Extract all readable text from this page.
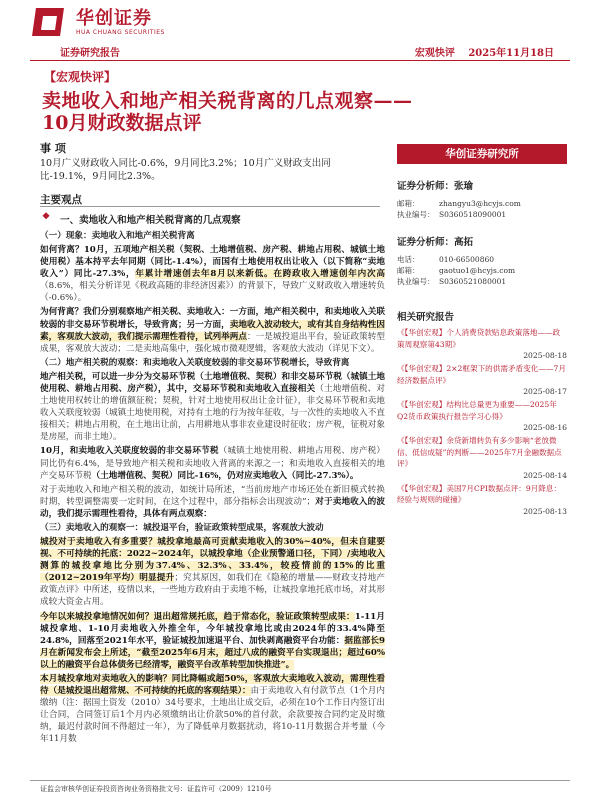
华创证券
HUA CHUANG SECURITIES
证券研究报告	宏观快评 2025年11月18日
【宏观快评】
卖地收入和地产相关税背离的几点观察——
10月财政数据点评
事 项
10月广义财政收入同比-0.6%，9月同比3.2%；10月广义财政支出同比-19.1%，9月同比2.3%。
主要观点
❖ 一、卖地收入和地产相关税背离的几点观察
（一）现象：卖地收入和地产相关税背离
如何背离？10月，五项地产相关税（契税、土地增值税、房产税、耕地占用税、城镇土地使用税）基本持平去年同期（同比-1.4%），而国有土地使用权出让收入（以下简称“卖地收入”）同比-27.3%，年累计增速创去年8月以来新低。在跨政收入增速创年内次高（8.6%，相关分析详见《税政高随的非经济因素》）的背景下，导致广义财政收入增速转负（-0.6%）。
为何背离？我们分别观察地产相关税、卖地收入：一方面，地产相关税中，和卖地收入关联较弱的非交易环节税增长，导致背离；另一方面，卖地收入波动较大，或有其自身结构性因素，客观放大波动，我们提示需理性看待，试列举两点：一是城投退出平台，验证政策转型成果，客观放大波动；二是卖地高集中，强化城市微观逻辑，客观放大波动（详见下文）。
（二）地产相关税的观察：和卖地收入关联度较弱的非交易环节税增长，导致背离
地产相关税，可以进一步分为交易环节税（土地增值税、契税）和非交易环节税（城镇土地使用税、耕地占用税、房产税），其中，交易环节税和卖地收入直接相关（土地增值税、对土地使用权转让的增值额征税；契税，针对土地使用权出让金计征），非交易环节税和卖地收入关联度较弱（城镇土地使用税，对持有土地的行为按年征收，与一次性的卖地收入不直接相关；耕地占用税，在土地出让前，占用耕地从事非农业建设时征收；房产税，征税对象是房屋，而非土地）。
10月，和卖地收入关联度较弱的非交易环节税（城镇土地使用税、耕地占用税、房产税）同比仍有6.4%，是导致地产相关税和卖地收入背离的来源之一；和卖地收入直接相关的地产交易环节税（土地增值税、契税）同比-16%，仍对应卖地收入（同比-27.3%）。
对于卖地收入和地产相关税的波动，如统计局所述，“当前房地产市场还处在新旧模式转换时期，转型调整需要一定时间，在这个过程中，部分指标会出现波动”；对于卖地收入的波动，我们提示需理性看待，具体有两点观察：
（三）卖地收入的观察一：城投退平台，验证政策转型成果，客观放大波动
城投对于卖地收入有多重要？城投拿地最高可贡献卖地收入的30%~40%，但未自建要视、不可持续的托底：2022~2024年，以城投拿地（企业预警通口径，下同）/卖地收入测算的城投拿地比分别为37.4%、32.3%、33.4%，较疫情前的15%的比重（2012~2019年平均）明显提升；究其原因，如我们在《隐秘的增量——财政支持地产政策点评》中所述，疫情以来，一些地方政府由于卖地不畅，让城投拿地托底市场，对其形成较大资金占用。
今年以来城投拿地情况如何？退出超常规托底，趋于常态化，验证政策转型成果：1-11月城投拿地、1-10月卖地收入外推全年，今年城投拿地比或由2024年的33.4%降至24.8%，回落至2021年水平，验证城投加速退平台、加快剥离融资平台功能：据监部长9月在新闻发布会上所述，“截至2025年6月末，超过八成的融资平台实现退出；超过60%以上的融资平台总体债务已经清零，融资平台改革转型加快推进”。
本月城投拿地对卖地收入的影响？同比降幅或超50%，客观放大卖地收入波动，需理性看待（是城投退出超常规、不可持续的托底的客观结果）：由于卖地收入有付款节点（1个月内缴纳（注：据国土资发（2010）34号要求，土地出让成交后，必须在10个工作日内签订出让合同，合同签订后1个月内必须缴纳出让价款50%的首付款，余款要按合同约定及时缴纳，最迟付款时间不得超过一年），为了降低单月数据扰动，将10-11月数据合并考量（今年11月数
华创证券研究所
证券分析师：张瑜
邮箱：	zhangyu3@hcyjs.com
执业编号： S0360518090001
证券分析师：高拓
电话：	010-66500860
邮箱：	gaotuo1@hcyjs.com
执业编号： S0360521080001
相关研究报告
《【华创宏观】个人消费贷款贴息政策落地——政策周观察第43期》
2025-08-18
《【华创宏观】2×2框架下的供需矛盾变化——7月经济数据点评》
2025-08-17
《【华创宏观】结构比总量更为重要——2025年Q2货币政策执行报告学习心得》
2025-08-16
《【华创宏观】余贷新增转负有多少影响“老放微信、低信成疑”的判断——2025年7月金融数据点评》
2025-08-14
《【华创宏观】美国7月CPI数据点评：9月降息：经验与规则的碰撞》
2025-08-13
证监会审核华创证券投资咨询业务资格批文号：证监许可（2009）1210号
